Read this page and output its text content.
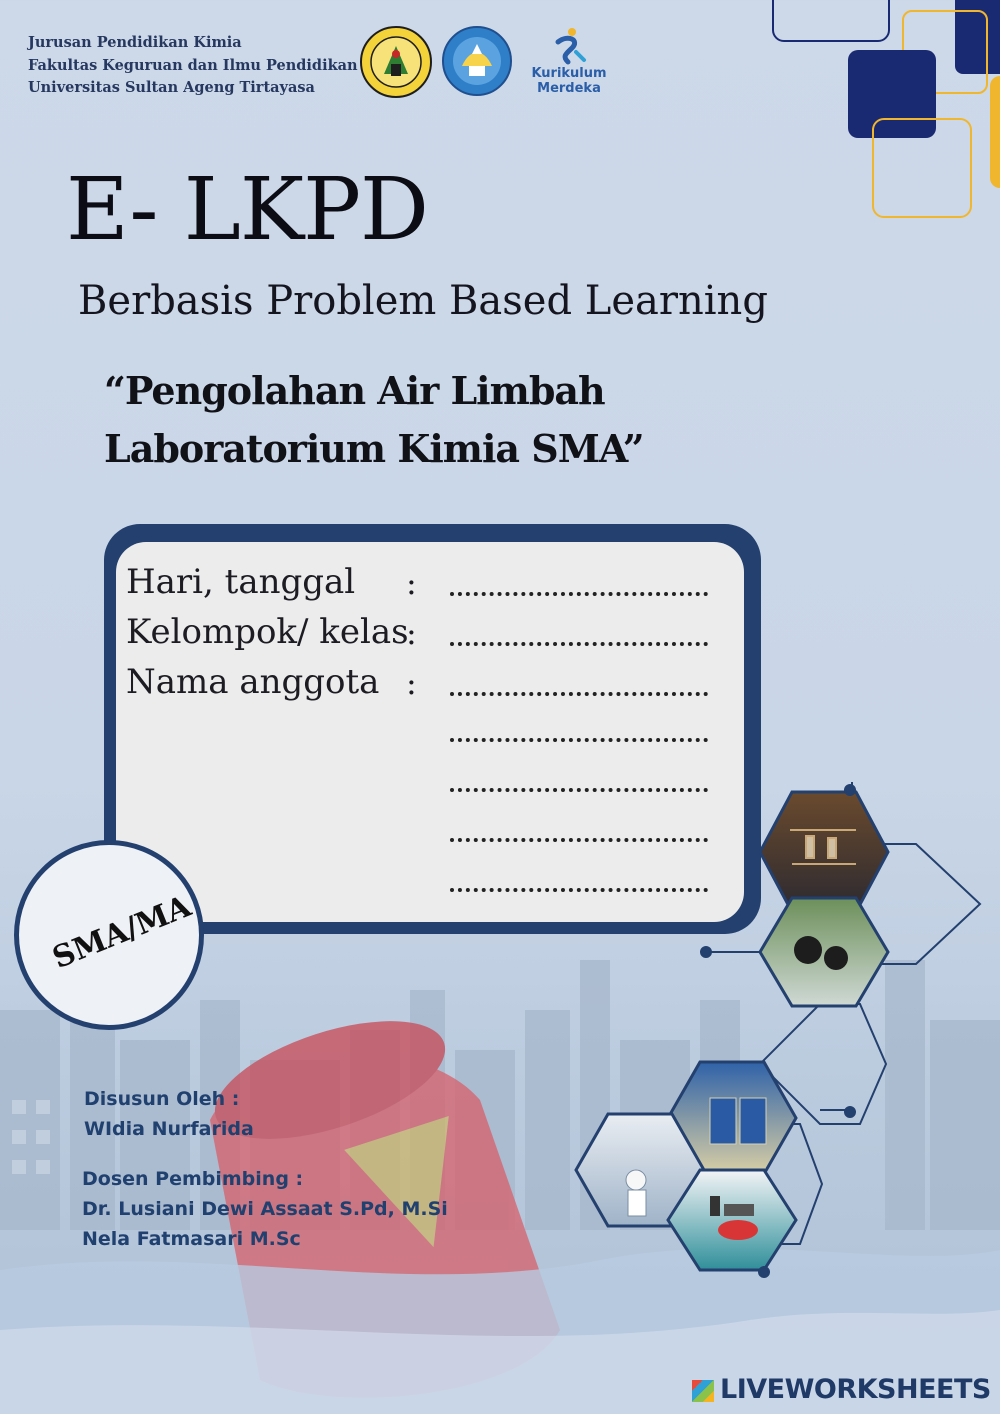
Jurusan Pendidikan Kimia
Fakultas Keguruan dan Ilmu Pendidikan
Universitas Sultan Ageng Tirtayasa
Kurikulum
Merdeka
E- LKPD
Berbasis Problem Based Learning
“Pengolahan Air Limbah
Laboratorium Kimia SMA”
Hari, tanggal :
Kelompok/ kelas
:
Nama anggota :
SMA/MA
Disusun Oleh :
WIdia Nurfarida
Dosen Pembimbing :
Dr. Lusiani Dewi Assaat S.Pd, M.Si
Nela Fatmasari M.Sc
LIVEWORKSHEETS
